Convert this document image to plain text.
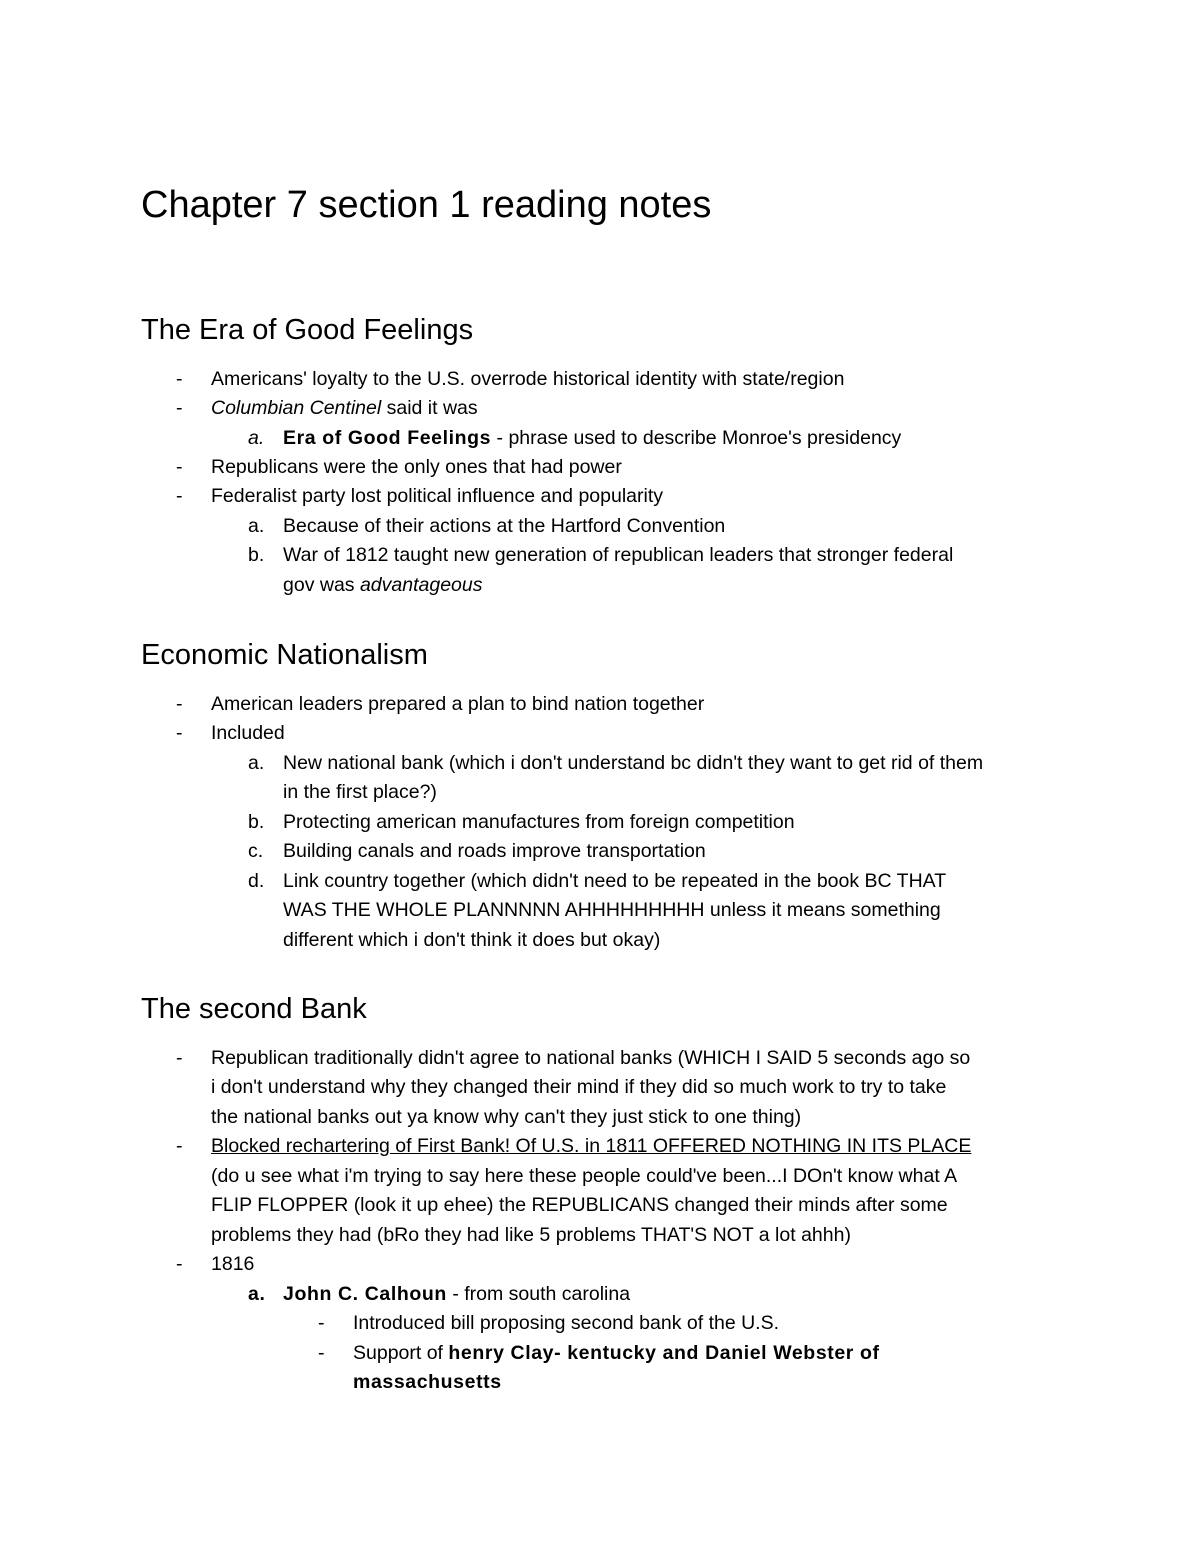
Chapter 7 section 1 reading notes
The Era of Good Feelings
- Americans' loyalty to the U.S. overrode historical identity with state/region
- Columbian Centinel said it was
a. Era of Good Feelings - phrase used to describe Monroe's presidency
- Republicans were the only ones that had power
- Federalist party lost political influence and popularity
a. Because of their actions at the Hartford Convention
b. War of 1812 taught new generation of republican leaders that stronger federal
gov was advantageous
Economic Nationalism
- American leaders prepared a plan to bind nation together
- Included
a. New national bank (which i don't understand bc didn't they want to get rid of them
in the first place?)
b. Protecting american manufactures from foreign competition
c. Building canals and roads improve transportation
d. Link country together (which didn't need to be repeated in the book BC THAT
WAS THE WHOLE PLANNNNN AHHHHHHHHH unless it means something
different which i don't think it does but okay)
The second Bank
- Republican traditionally didn't agree to national banks (WHICH I SAID 5 seconds ago so
i don't understand why they changed their mind if they did so much work to try to take
the national banks out ya know why can't they just stick to one thing)
- Blocked rechartering of First Bank! Of U.S. in 1811 OFFERED NOTHING IN ITS PLACE
(do u see what i'm trying to say here these people could've been...I DOn't know what A
FLIP FLOPPER (look it up ehee) the REPUBLICANS changed their minds after some
problems they had (bRo they had like 5 problems THAT'S NOT a lot ahhh)
- 1816
a. John C. Calhoun - from south carolina
- Introduced bill proposing second bank of the U.S.
- Support of henry Clay- kentucky and Daniel Webster of
massachusetts
